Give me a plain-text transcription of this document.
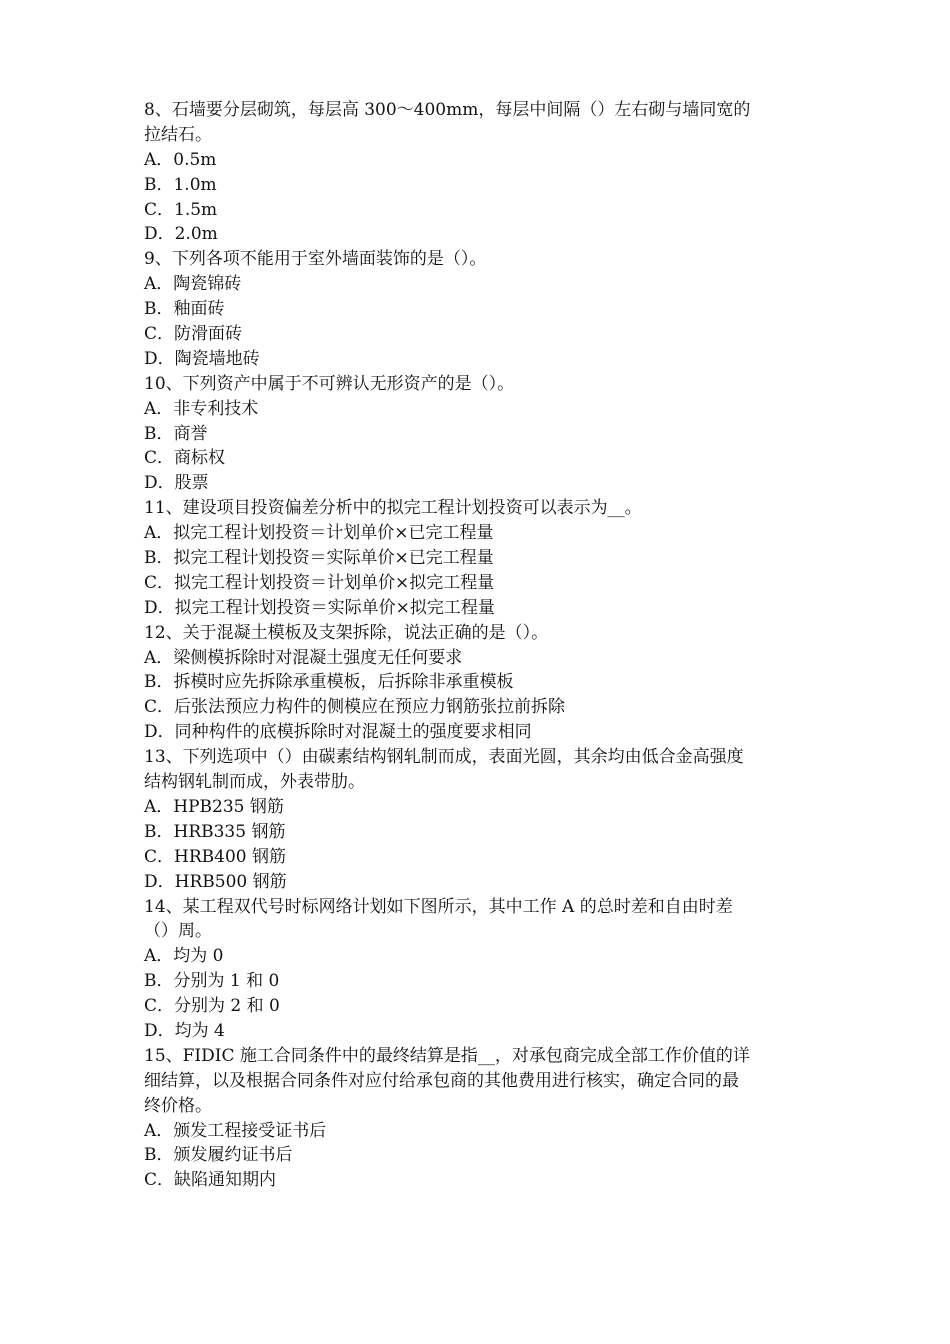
8、石墙要分层砌筑，每层高 300～400mm，每层中间隔（）左右砌与墙同宽的
拉结石。
A．0.5m
B．1.0m
C．1.5m
D．2.0m
9、下列各项不能用于室外墙面装饰的是（）。
A．陶瓷锦砖
B．釉面砖
C．防滑面砖
D．陶瓷墙地砖
10、下列资产中属于不可辨认无形资产的是（）。
A．非专利技术
B．商誉
C．商标权
D．股票
11、建设项目投资偏差分析中的拟完工程计划投资可以表示为__。
A．拟完工程计划投资＝计划单价×已完工程量
B．拟完工程计划投资＝实际单价×已完工程量
C．拟完工程计划投资＝计划单价×拟完工程量
D．拟完工程计划投资＝实际单价×拟完工程量
12、关于混凝土模板及支架拆除，说法正确的是（）。
A．梁侧模拆除时对混凝土强度无任何要求
B．拆模时应先拆除承重模板，后拆除非承重模板
C．后张法预应力构件的侧模应在预应力钢筋张拉前拆除
D．同种构件的底模拆除时对混凝土的强度要求相同
13、下列选项中（）由碳素结构钢轧制而成，表面光圆，其余均由低合金高强度
结构钢轧制而成，外表带肋。
A．HPB235 钢筋
B．HRB335 钢筋
C．HRB400 钢筋
D．HRB500 钢筋
14、某工程双代号时标网络计划如下图所示，其中工作 A 的总时差和自由时差
（）周。
A．均为 0
B．分别为 1 和 0
C．分别为 2 和 0
D．均为 4
15、FIDIC 施工合同条件中的最终结算是指__，对承包商完成全部工作价值的详
细结算，以及根据合同条件对应付给承包商的其他费用进行核实，确定合同的最
终价格。
A．颁发工程接受证书后
B．颁发履约证书后
C．缺陷通知期内
